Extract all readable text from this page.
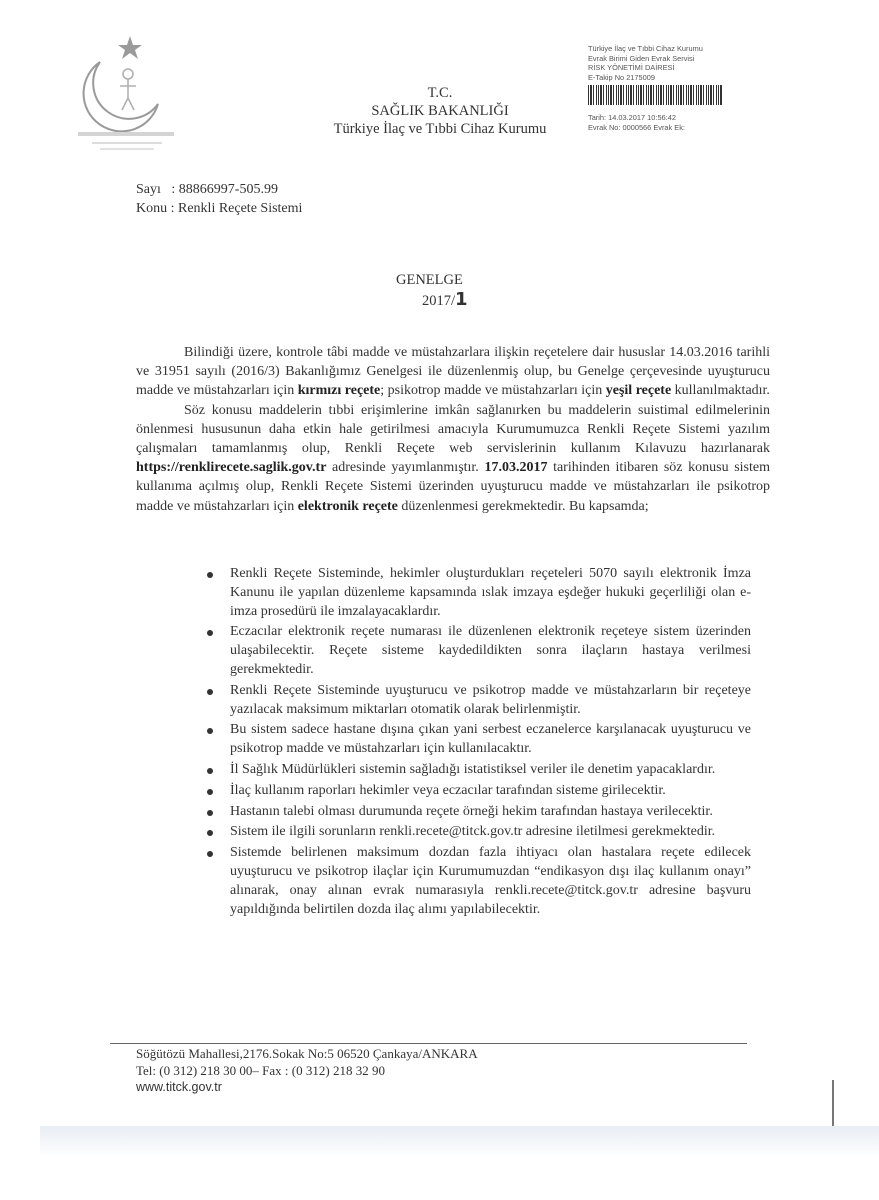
T.C.
SAĞLIK BAKANLIĞI
Türkiye İlaç ve Tıbbi Cihaz Kurumu
Türkiye İlaç ve Tıbbi Cihaz Kurumu
Evrak Birimi Giden Evrak Servisi
RİSK YÖNETİMİ DAİRESİ
E-Takip No 2175009
Tarih: 14.03.2017 10:56:42
Evrak No: 0000566 Evrak Ek:
Sayı   : 88866997-505.99
Konu : Renkli Reçete Sistemi
GENELGE
2017/1

Bilindiği üzere, kontrole tâbi madde ve müstahzarlara ilişkin reçetelere dair hususlar 14.03.2016 tarihli ve 31951 sayılı (2016/3) Bakanlığımız Genelgesi ile düzenlenmiş olup, bu Genelge çerçevesinde uyuşturucu madde ve müstahzarları için kırmızı reçete; psikotrop madde ve müstahzarları için yeşil reçete kullanılmaktadır.

Söz konusu maddelerin tıbbi erişimlerine imkân sağlanırken bu maddelerin suistimal edilmelerinin önlenmesi hususunun daha etkin hale getirilmesi amacıyla Kurumumuzca Renkli Reçete Sistemi yazılım çalışmaları tamamlanmış olup, Renkli Reçete web servislerinin kullanım Kılavuzu hazırlanarak https://renklirecete.saglik.gov.tr adresinde yayımlanmıştır. 17.03.2017 tarihinden itibaren söz konusu sistem kullanıma açılmış olup, Renkli Reçete Sistemi üzerinden uyuşturucu madde ve müstahzarları ile psikotrop madde ve müstahzarları için elektronik reçete düzenlenmesi gerekmektedir. Bu kapsamda;

Renkli Reçete Sisteminde, hekimler oluşturdukları reçeteleri 5070 sayılı elektronik İmza Kanunu ile yapılan düzenleme kapsamında ıslak imzaya eşdeğer hukuki geçerliliği olan e-imza prosedürü ile imzalayacaklardır.
Eczacılar elektronik reçete numarası ile düzenlenen elektronik reçeteye sistem üzerinden ulaşabilecektir. Reçete sisteme kaydedildikten sonra ilaçların hastaya verilmesi gerekmektedir.
Renkli Reçete Sisteminde uyuşturucu ve psikotrop madde ve müstahzarların bir reçeteye yazılacak maksimum miktarları otomatik olarak belirlenmiştir.
Bu sistem sadece hastane dışına çıkan yani serbest eczanelerce karşılanacak uyuşturucu ve psikotrop madde ve müstahzarları için kullanılacaktır.
İl Sağlık Müdürlükleri sistemin sağladığı istatistiksel veriler ile denetim yapacaklardır.
İlaç kullanım raporları hekimler veya eczacılar tarafından sisteme girilecektir.
Hastanın talebi olması durumunda reçete örneği hekim tarafından hastaya verilecektir.
Sistem ile ilgili sorunların renkli.recete@titck.gov.tr adresine iletilmesi gerekmektedir.
Sistemde belirlenen maksimum dozdan fazla ihtiyacı olan hastalara reçete edilecek uyuşturucu ve psikotrop ilaçlar için Kurumumuzdan “endikasyon dışı ilaç kullanım onayı” alınarak, onay alınan evrak numarasıyla renkli.recete@titck.gov.tr adresine başvuru yapıldığında belirtilen dozda ilaç alımı yapılabilecektir.
Söğütözü Mahallesi,2176.Sokak No:5 06520 Çankaya/ANKARA
Tel: (0 312) 218 30 00– Fax : (0 312) 218 32 90
www.titck.gov.tr
